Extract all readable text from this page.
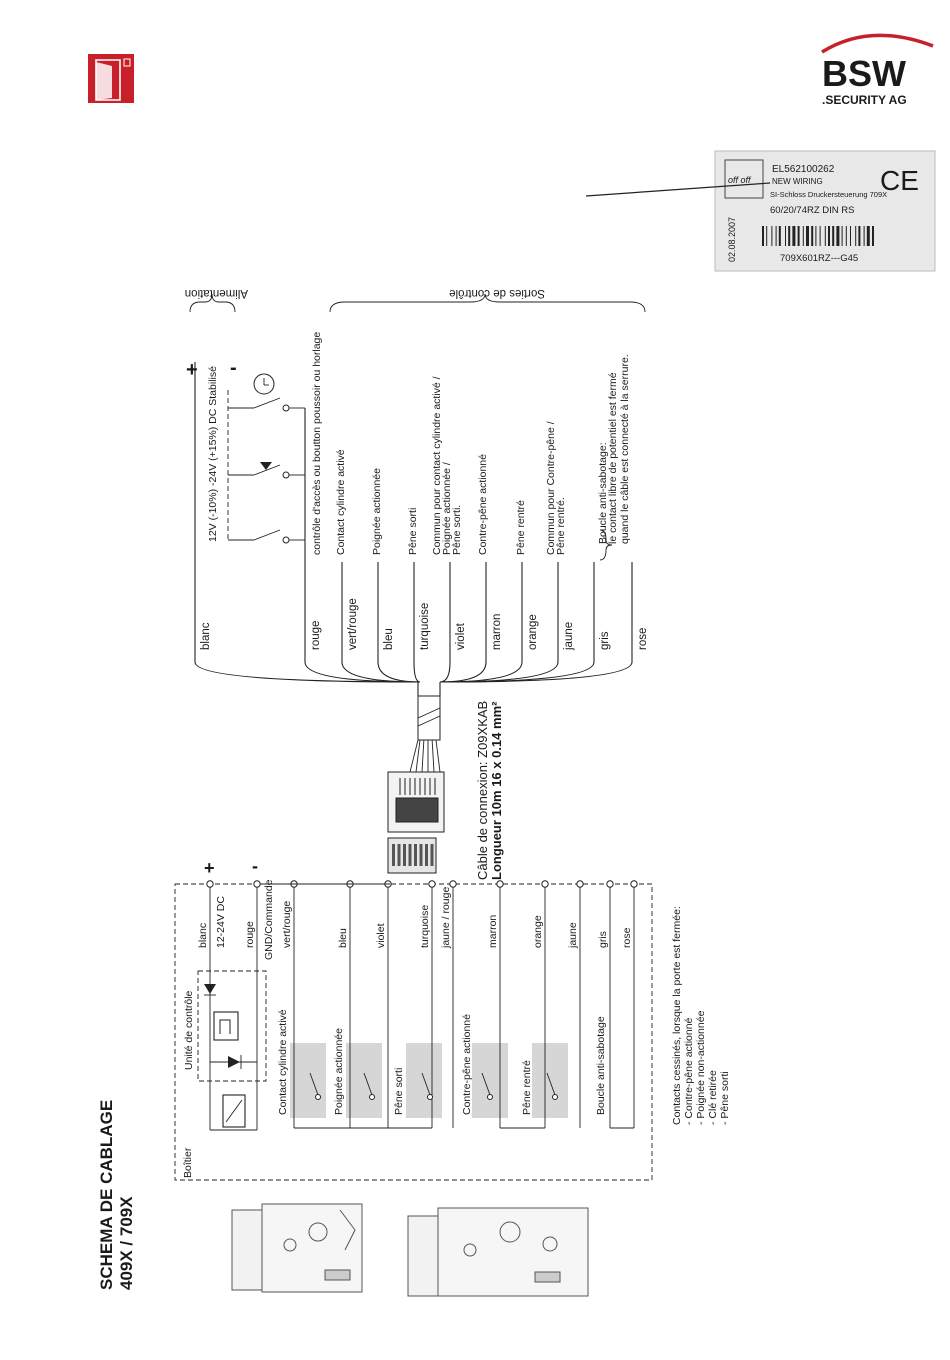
BSW
.SECURITY AG
off off
EL562100262
NEW WIRING
SI-Schloss Druckersteuerung 709X
60/20/74RZ DIN RS
02.08.2007
CE
709X601RZ---G45
SCHEMA DE CABLAGE 409X / 709X
Boîtier
Unité de contrôle
+ -
12-24V DC	GND/Commande
blanc	rouge vert/rouge	bleu violet	turquoise jaune / rouge	marron	orange jaune gris rose
Contact cylindre activé	Poignée actionnée	Pêne sorti	Contre-pêne actionné	Pêne rentré	Boucle anti-sabotage
Câble de connexion: Z09XKAB Longueur 10m 16 x 0.14 mm²
blanc	rouge vert/rouge bleu turquoise violet marron orange jaune gris rose
contrôle d'accès ou boutton poussoir ou horlage Contact cylindre activé Poignée actionnée Pêne sorti Commun pour contact cylindre activé /
Poignée actionnée /
Pêne sorti. Contre-pêne actionné Pêne rentré Commun pour Contre-pêne /
Pêne rentré.	Boucle anti-sabotage:
le contact libre de potentiel est fermé quand le câble est connecté à la serrure.
+ -
12V (-10%) -24V (+15%) DC Stabilisé
Alimentation	Sorties de contrôle
Contacts cessinés, lorsque la porte est fermée: - Contre-pêne actionné - Poignée non-actionnée - Clé retirée - Pêne sorti
